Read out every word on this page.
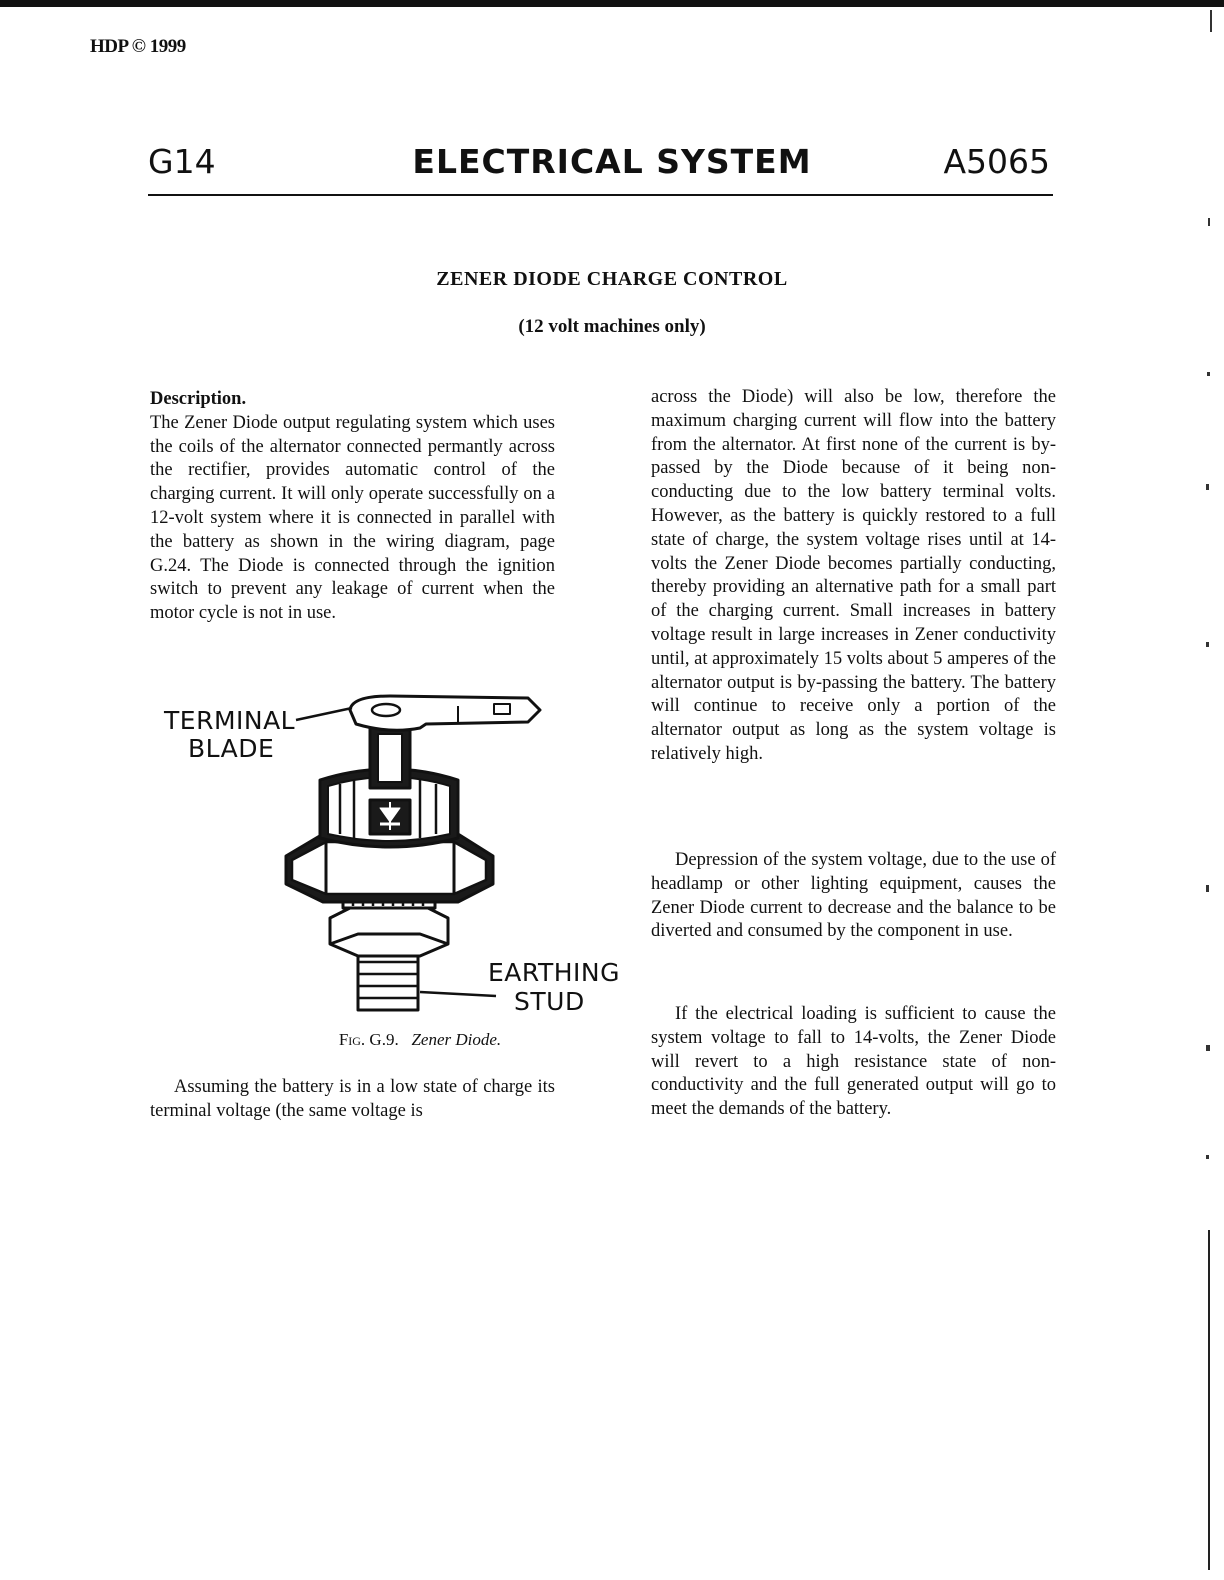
HDP © 1999
G14	ELECTRICAL SYSTEM	A5065
ZENER DIODE CHARGE CONTROL
(12 volt machines only)

Description.

The Zener Diode output regulating system which uses the coils of the alternator connected permantly across the rectifier, provides automatic control of the charging current. It will only operate successfully on a 12-volt system where it is connected in parallel with the battery as shown in the wiring diagram, page G.24. The Diode is connected through the ignition switch to prevent any leakage of current when the motor cycle is not in use.

TERMINAL
BLADE
EARTHING
STUD
Fig. G.9. Zener Diode.

Assuming the battery is in a low state of charge its terminal voltage (the same voltage is

across the Diode) will also be low, therefore the maximum charging current will flow into the battery from the alternator. At first none of the current is by-passed by the Diode because of it being non-conducting due to the low battery terminal volts. However, as the battery is quickly restored to a full state of charge, the system voltage rises until at 14-volts the Zener Diode becomes partially conducting, thereby providing an alternative path for a small part of the charging current. Small increases in battery voltage result in large increases in Zener conductivity until, at approximately 15 volts about 5 amperes of the alternator output is by-passing the battery. The battery will continue to receive only a portion of the alternator output as long as the system voltage is relatively high.

Depression of the system voltage, due to the use of headlamp or other lighting equipment, causes the Zener Diode current to decrease and the balance to be diverted and consumed by the component in use.

If the electrical loading is sufficient to cause the system voltage to fall to 14-volts, the Zener Diode will revert to a high resistance state of non-conductivity and the full generated output will go to meet the demands of the battery.
